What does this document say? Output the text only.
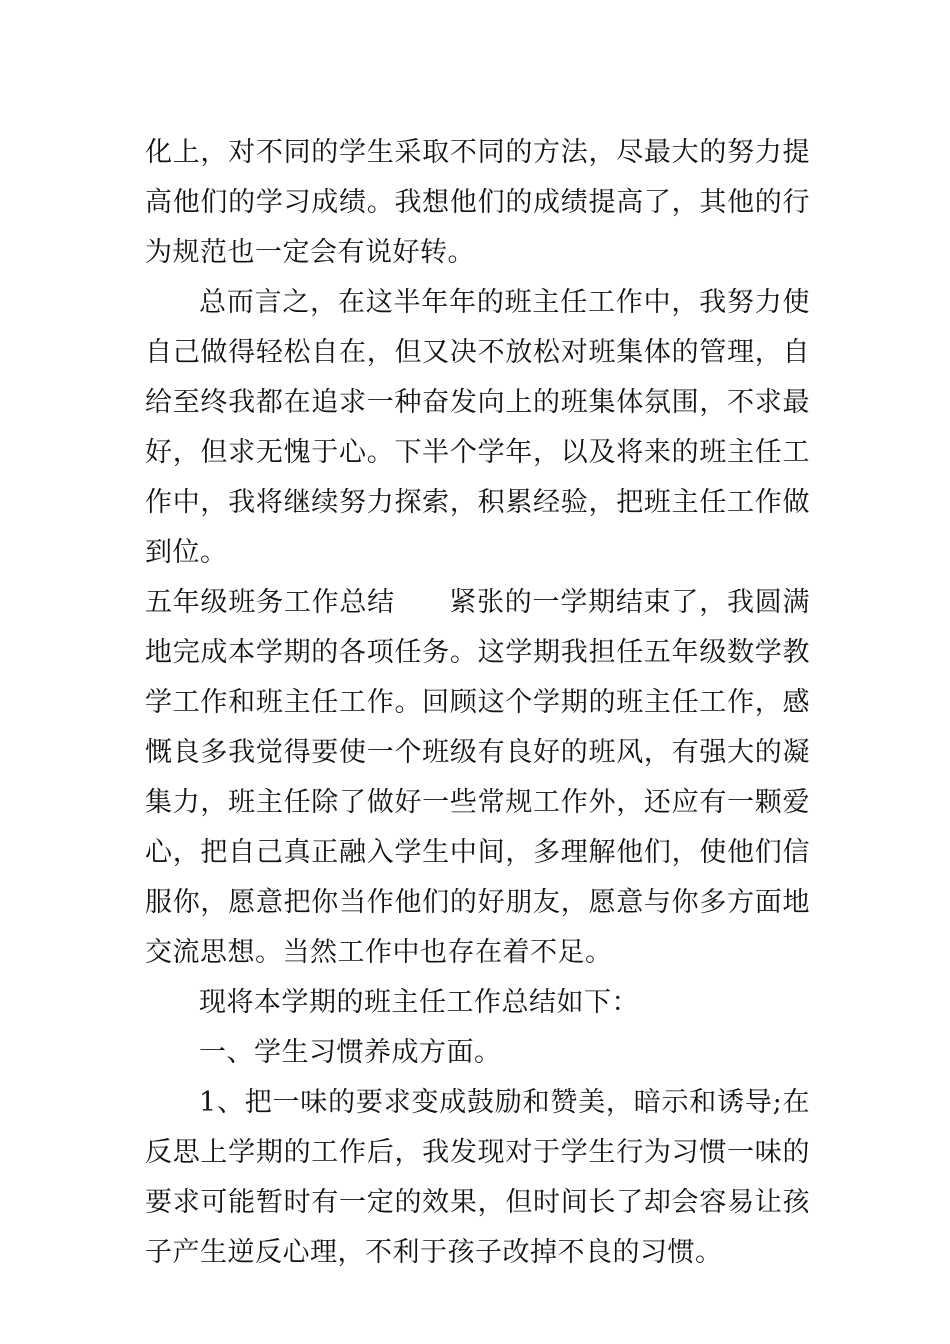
化上，对不同的学生采取不同的方法，尽最大的努力提高他们的学习成绩。我想他们的成绩提高了，其他的行为规范也一定会有说好转。

总而言之，在这半年年的班主任工作中，我努力使自己做得轻松自在，但又决不放松对班集体的管理，自给至终我都在追求一种奋发向上的班集体氛围，不求最好，但求无愧于心。下半个学年，以及将来的班主任工作中，我将继续努力探索，积累经验，把班主任工作做到位。

五年级班务工作总结 紧张的一学期结束了，我圆满地完成本学期的各项任务。这学期我担任五年级数学教学工作和班主任工作。回顾这个学期的班主任工作，感慨良多我觉得要使一个班级有良好的班风，有强大的凝集力，班主任除了做好一些常规工作外，还应有一颗爱心，把自己真正融入学生中间，多理解他们，使他们信服你，愿意把你当作他们的好朋友，愿意与你多方面地交流思想。当然工作中也存在着不足。

现将本学期的班主任工作总结如下：

一、学生习惯养成方面。

1、把一味的要求变成鼓励和赞美，暗示和诱导;在反思上学期的工作后，我发现对于学生行为习惯一味的要求可能暂时有一定的效果，但时间长了却会容易让孩子产生逆反心理，不利于孩子改掉不良的习惯。
